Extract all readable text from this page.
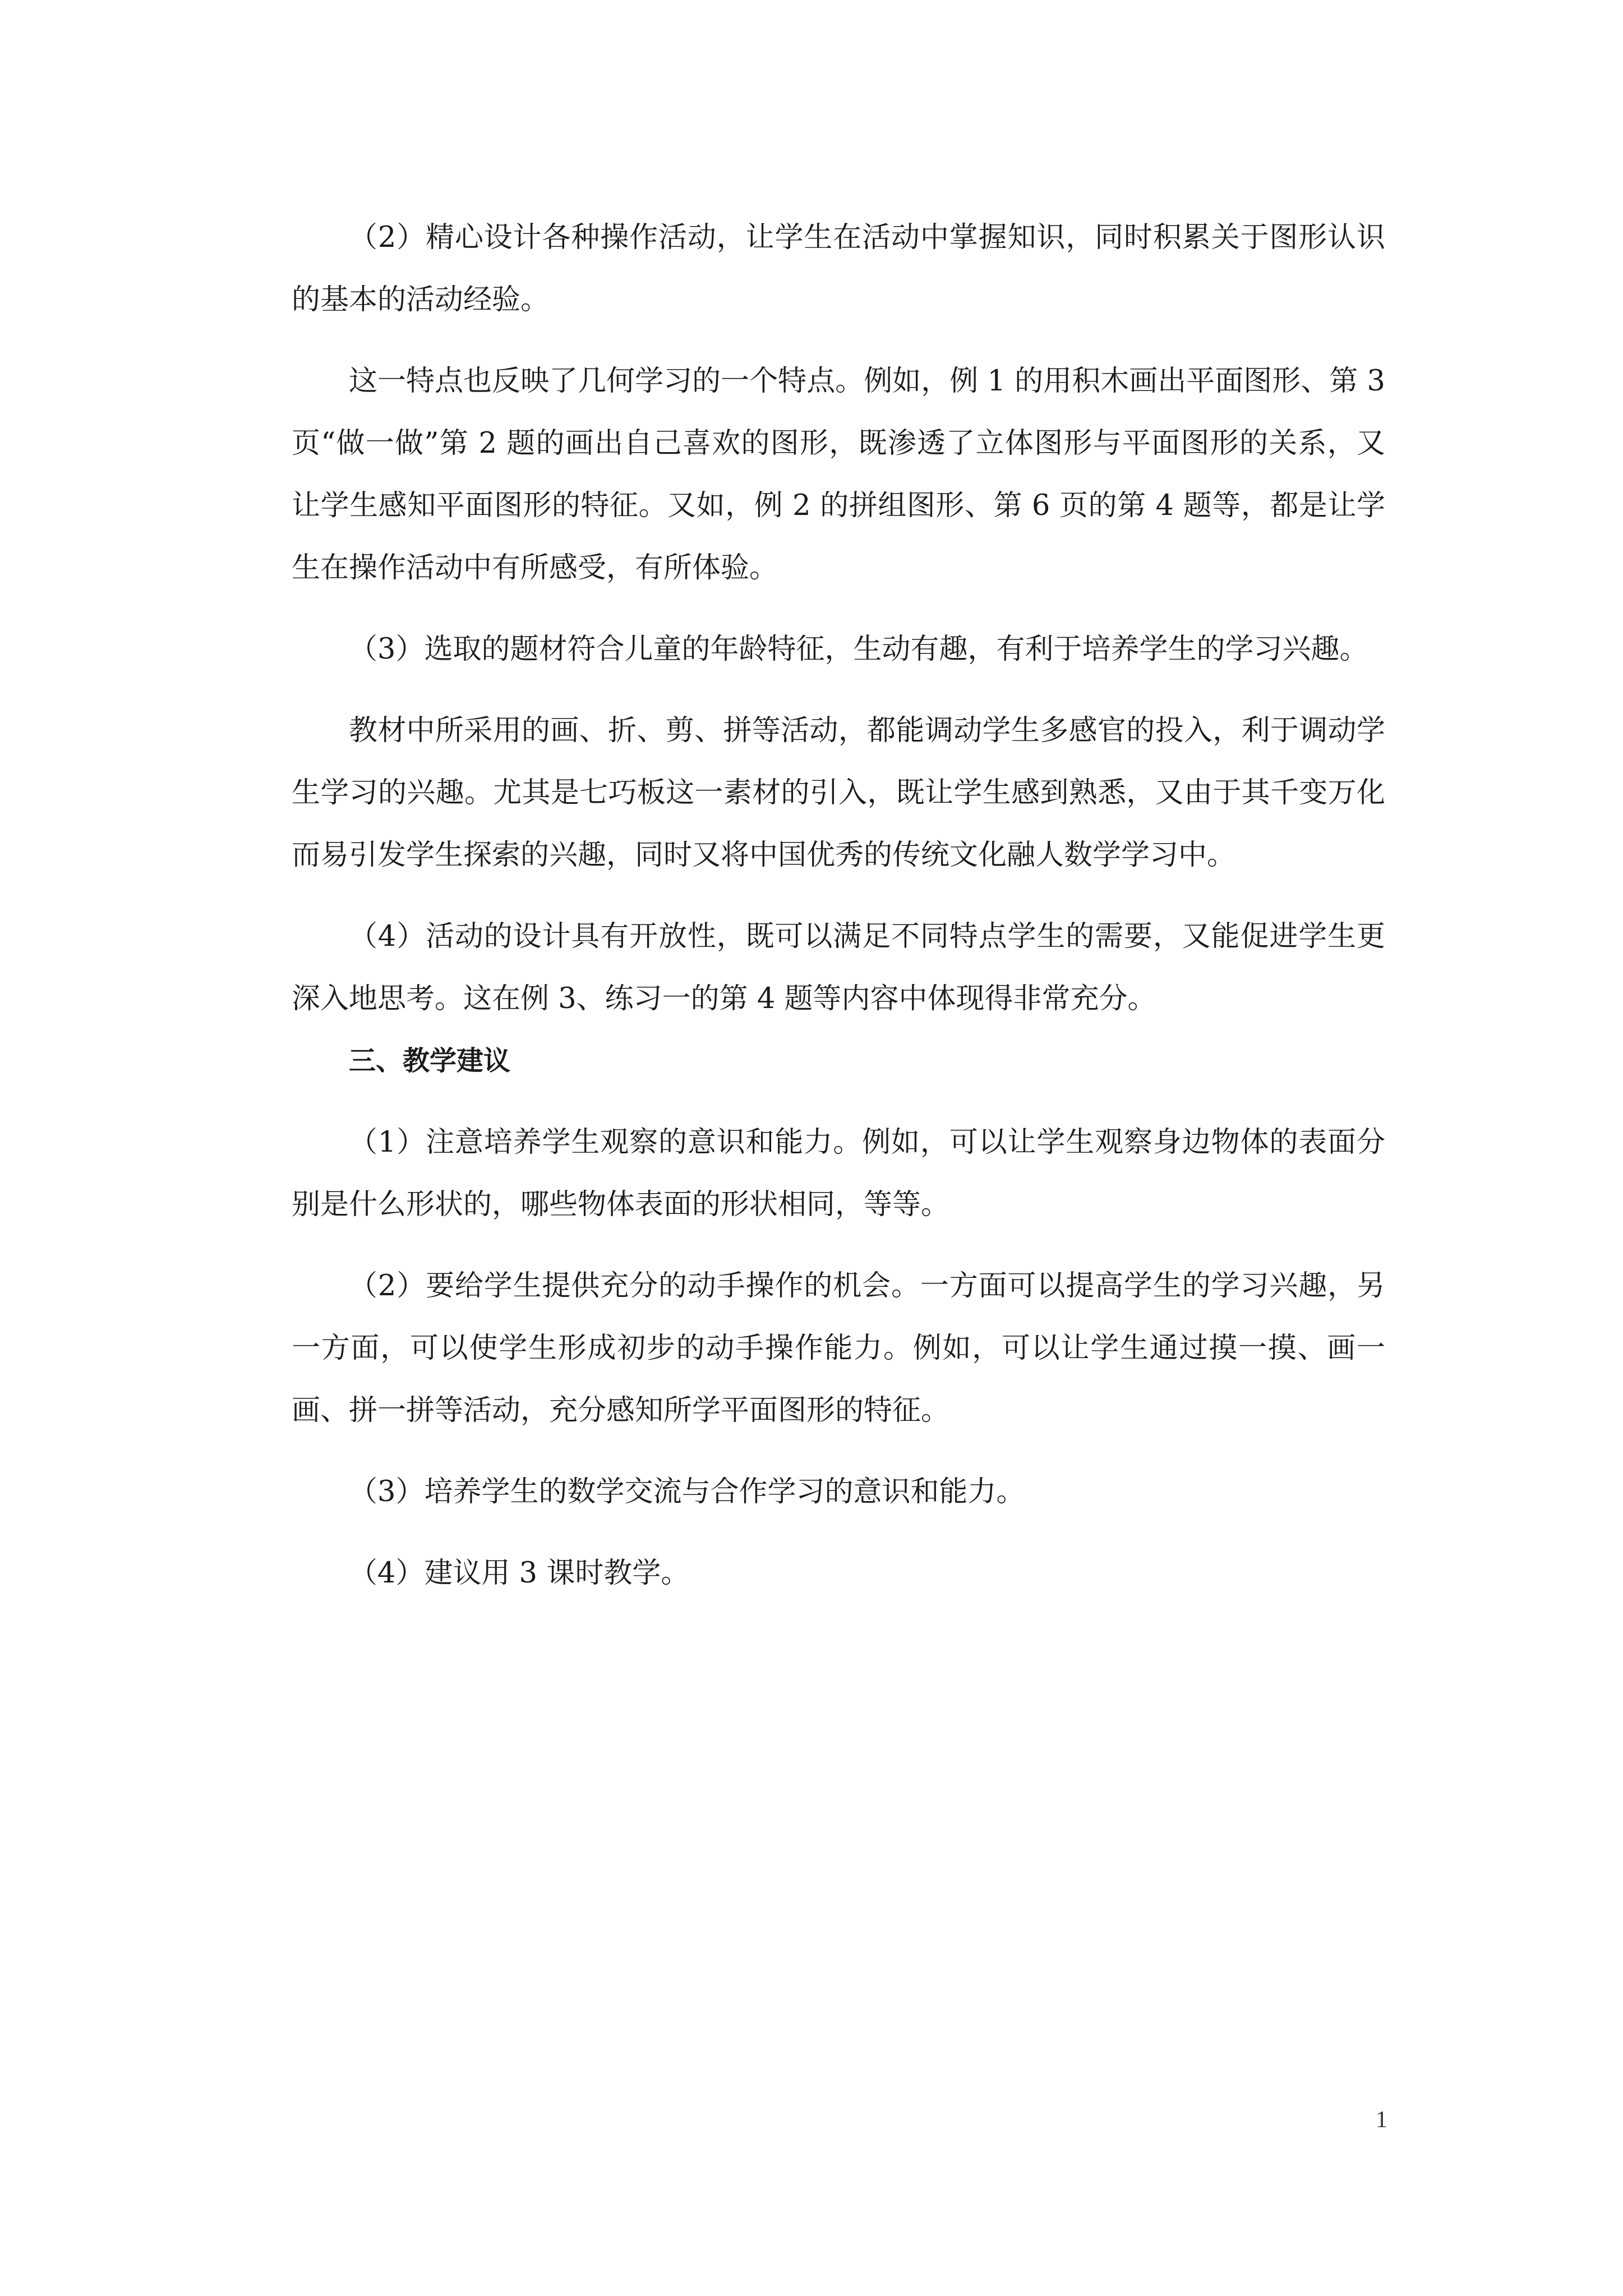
（2）精心设计各种操作活动，让学生在活动中掌握知识，同时积累关于图形认识的基本的活动经验。

这一特点也反映了几何学习的一个特点。例如，例 1 的用积木画出平面图形、第 3 页“做一做”第 2 题的画出自己喜欢的图形，既渗透了立体图形与平面图形的关系，又让学生感知平面图形的特征。又如，例 2 的拼组图形、第 6 页的第 4 题等，都是让学生在操作活动中有所感受，有所体验。

（3）选取的题材符合儿童的年龄特征，生动有趣，有利于培养学生的学习兴趣。

教材中所采用的画、折、剪、拼等活动，都能调动学生多感官的投入，利于调动学生学习的兴趣。尤其是七巧板这一素材的引入，既让学生感到熟悉，又由于其千变万化而易引发学生探索的兴趣，同时又将中国优秀的传统文化融人数学学习中。

（4）活动的设计具有开放性，既可以满足不同特点学生的需要，又能促进学生更深入地思考。这在例 3、练习一的第 4 题等内容中体现得非常充分。

三、教学建议

（1）注意培养学生观察的意识和能力。例如，可以让学生观察身边物体的表面分别是什么形状的，哪些物体表面的形状相同，等等。

（2）要给学生提供充分的动手操作的机会。一方面可以提高学生的学习兴趣，另一方面，可以使学生形成初步的动手操作能力。例如，可以让学生通过摸一摸、画一画、拼一拼等活动，充分感知所学平面图形的特征。

（3）培养学生的数学交流与合作学习的意识和能力。

（4）建议用 3 课时教学。

1
